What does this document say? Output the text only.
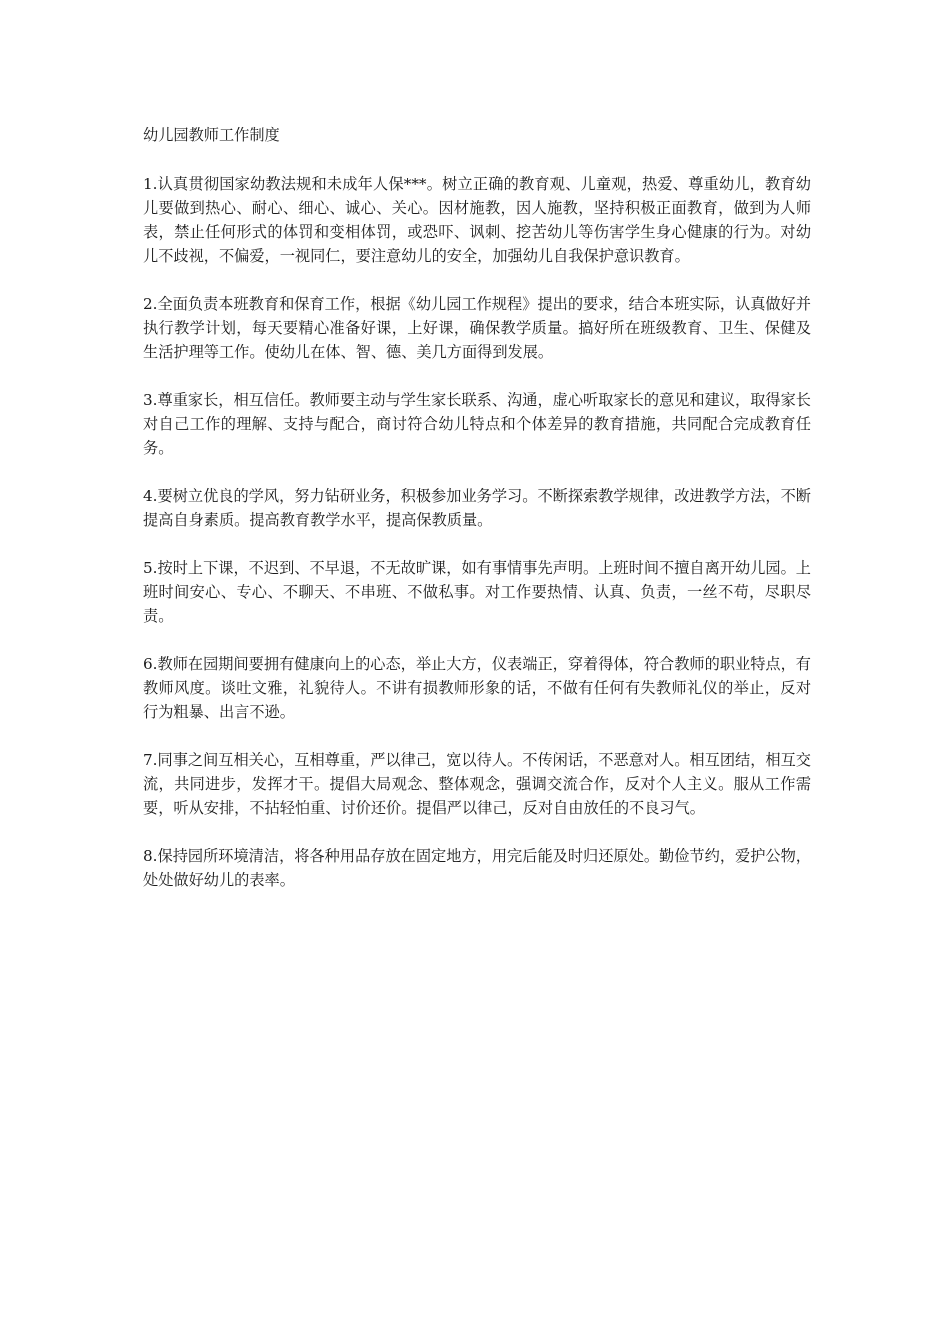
幼儿园教师工作制度

1.认真贯彻国家幼教法规和未成年人保***。树立正确的教育观、儿童观，热爱、尊重幼儿，教育幼儿要做到热心、耐心、细心、诚心、关心。因材施教，因人施教，坚持积极正面教育，做到为人师表，禁止任何形式的体罚和变相体罚，或恐吓、讽刺、挖苦幼儿等伤害学生身心健康的行为。对幼儿不歧视，不偏爱，一视同仁，要注意幼儿的安全，加强幼儿自我保护意识教育。

2.全面负责本班教育和保育工作，根据《幼儿园工作规程》提出的要求，结合本班实际，认真做好并执行教学计划，每天要精心准备好课，上好课，确保教学质量。搞好所在班级教育、卫生、保健及生活护理等工作。使幼儿在体、智、德、美几方面得到发展。

3.尊重家长，相互信任。教师要主动与学生家长联系、沟通，虚心听取家长的意见和建议，取得家长对自己工作的理解、支持与配合，商讨符合幼儿特点和个体差异的教育措施，共同配合完成教育任务。

4.要树立优良的学风，努力钻研业务，积极参加业务学习。不断探索教学规律，改进教学方法，不断提高自身素质。提高教育教学水平，提高保教质量。

5.按时上下课，不迟到、不早退，不无故旷课，如有事情事先声明。上班时间不擅自离开幼儿园。上班时间安心、专心、不聊天、不串班、不做私事。对工作要热情、认真、负责，一丝不苟，尽职尽责。

6.教师在园期间要拥有健康向上的心态，举止大方，仪表端正，穿着得体，符合教师的职业特点，有教师风度。谈吐文雅，礼貌待人。不讲有损教师形象的话，不做有任何有失教师礼仪的举止，反对行为粗暴、出言不逊。

7.同事之间互相关心，互相尊重，严以律己，宽以待人。不传闲话，不恶意对人。相互团结，相互交流，共同进步，发挥才干。提倡大局观念、整体观念，强调交流合作，反对个人主义。服从工作需要，听从安排，不拈轻怕重、讨价还价。提倡严以律己，反对自由放任的不良习气。

8.保持园所环境清洁，将各种用品存放在固定地方，用完后能及时归还原处。勤俭节约，爱护公物，处处做好幼儿的表率。
